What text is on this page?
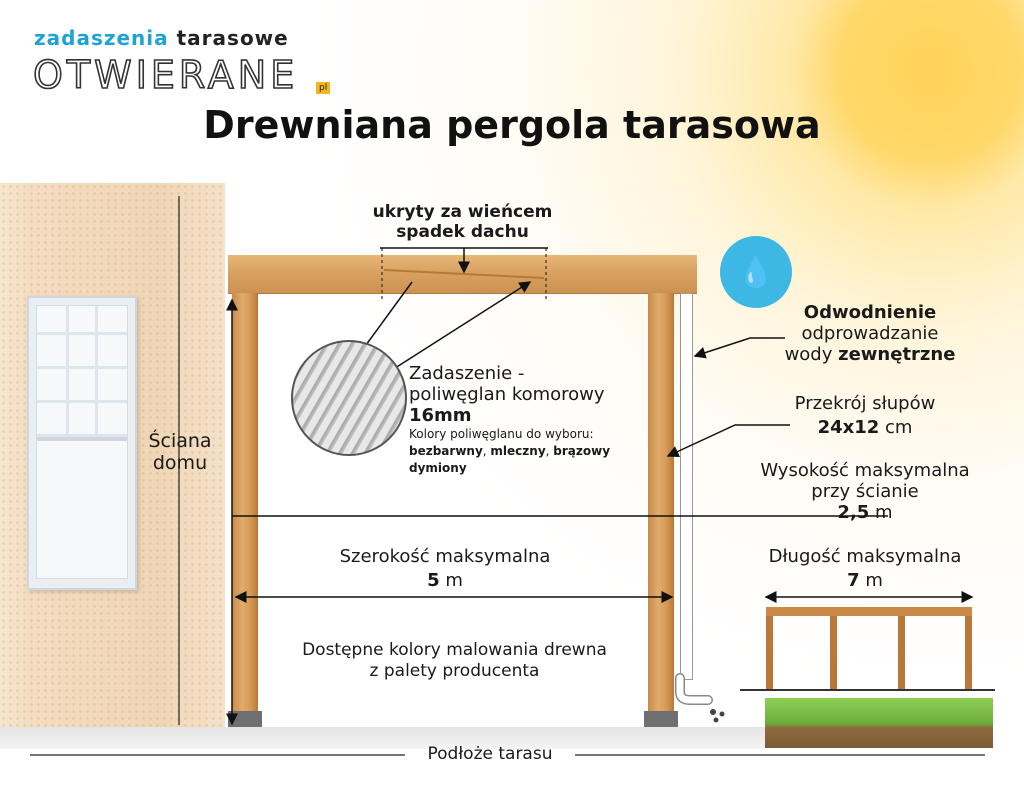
zadaszenia tarasowe
OTWIERANE	pl
Drewniana pergola tarasowa
💧
ukryty za wieńcem
spadek dachu
Ściana
domu
Zadaszenie -
poliwęglan komorowy
16mm
Kolory poliwęglanu do wyboru:
bezbarwny, mleczny, brązowy
dymiony
Odwodnienie
odprowadzanie
wody zewnętrzne
Przekrój słupów
24x12 cm
Wysokość maksymalna
przy ścianie
2,5 m
Szerokość maksymalna
5 m
Długość maksymalna
7 m
Dostępne kolory malowania drewna
z palety producenta
Podłoże tarasu
